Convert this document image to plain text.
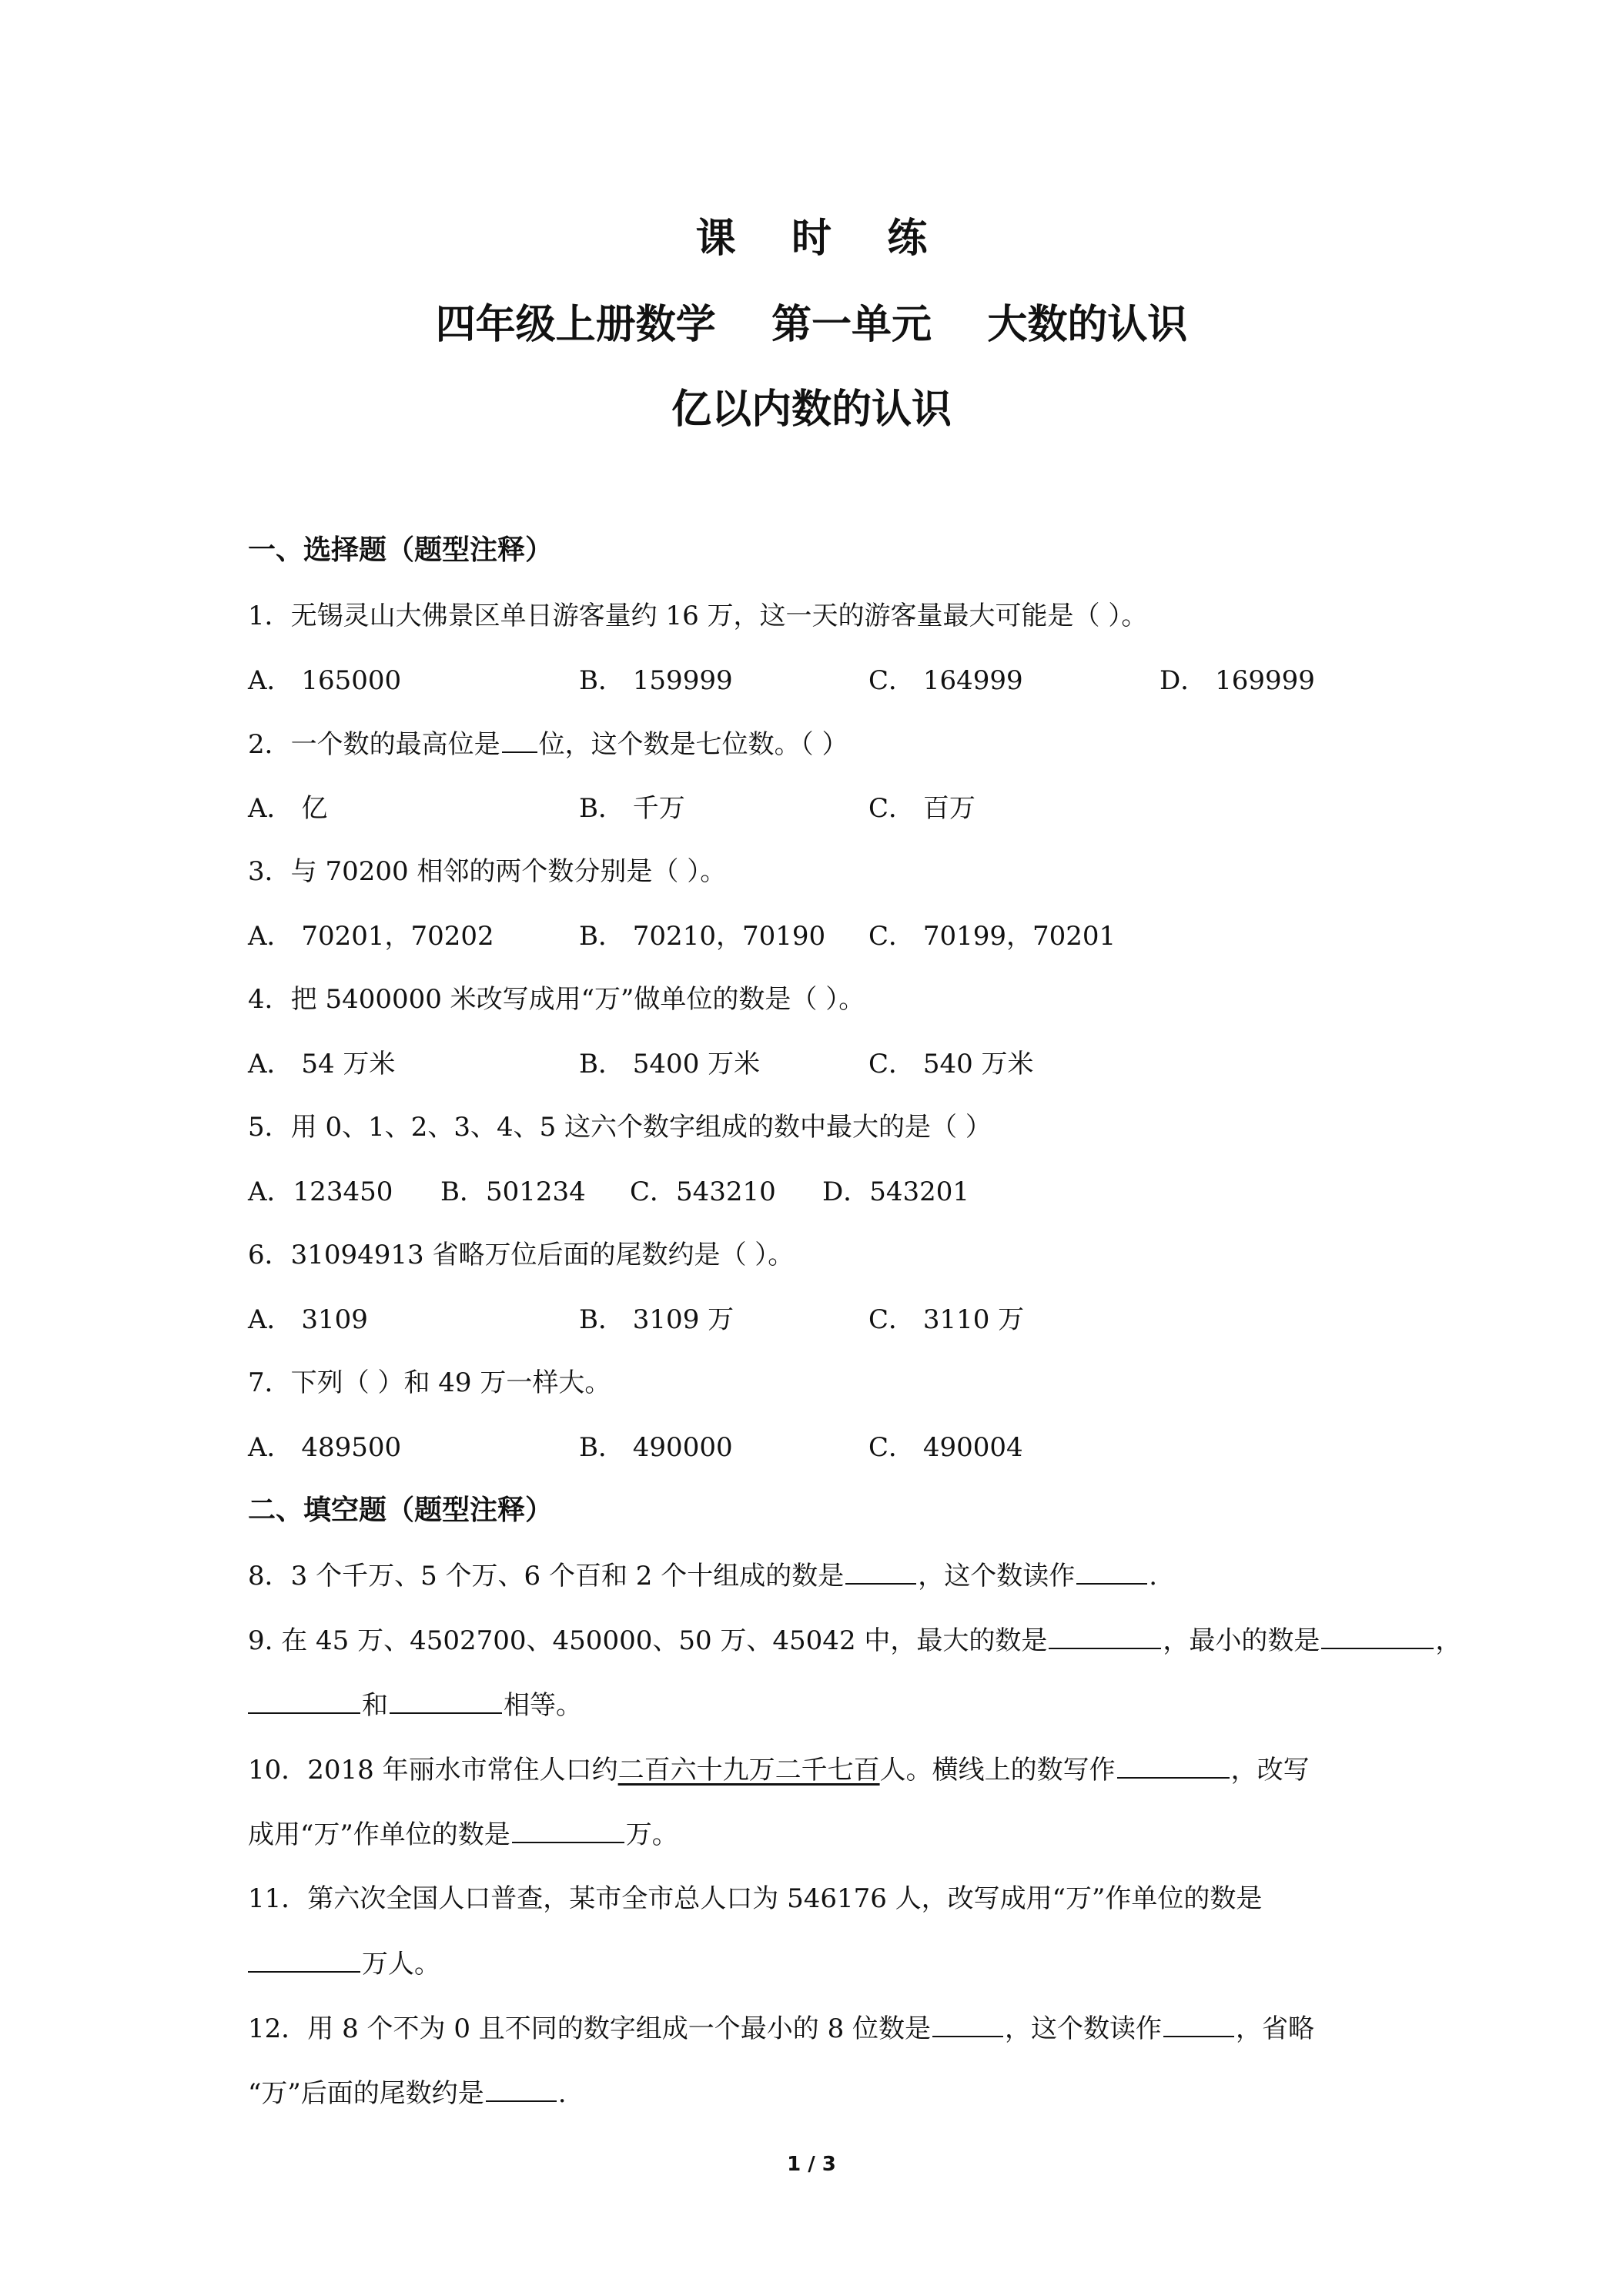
课    时    练
四年级上册数学    第一单元    大数的认识
亿以内数的认识
一、选择题（题型注释）
1．无锡灵山大佛景区单日游客量约 16 万，这一天的游客量最大可能是（ ）。
A． 165000	B． 159999	C． 164999	D． 169999
2．一个数的最高位是 位，这个数是七位数。（ ）
A． 亿	B． 千万	C． 百万
3．与 70200 相邻的两个数分别是（ ）。
A． 70201，70202	B． 70210，70190 C． 70199，70201
4．把 5400000 米改写成用“万”做单位的数是（ ）。
A． 54 万米	B． 5400 万米	C． 540 万米
5．用 0、1、2、3、4、5 这六个数字组成的数中最大的是（ ）
A．123450 B．501234 C．543210 D．543201
6．31094913 省略万位后面的尾数约是（ ）。
A． 3109	B． 3109 万	C． 3110 万
7．下列（ ）和 49 万一样大。
A． 489500	B． 490000	C． 490004
二、填空题（题型注释）
8．3 个千万、5 个万、6 个百和 2 个十组成的数是	，这个数读作	.
9. 在 45 万、4502700、450000、50 万、45042 中，最大的数是	，最小的数是	，
和	相等。
10．2018 年丽水市常住人口约二百六十九万二千七百人。横线上的数写作	，改写
成用“万”作单位的数是	万。
11．第六次全国人口普查，某市全市总人口为 546176 人，改写成用“万”作单位的数是
万人。
12．用 8 个不为 0 且不同的数字组成一个最小的 8 位数是	，这个数读作	，省略
“万”后面的尾数约是	.
1 / 3
